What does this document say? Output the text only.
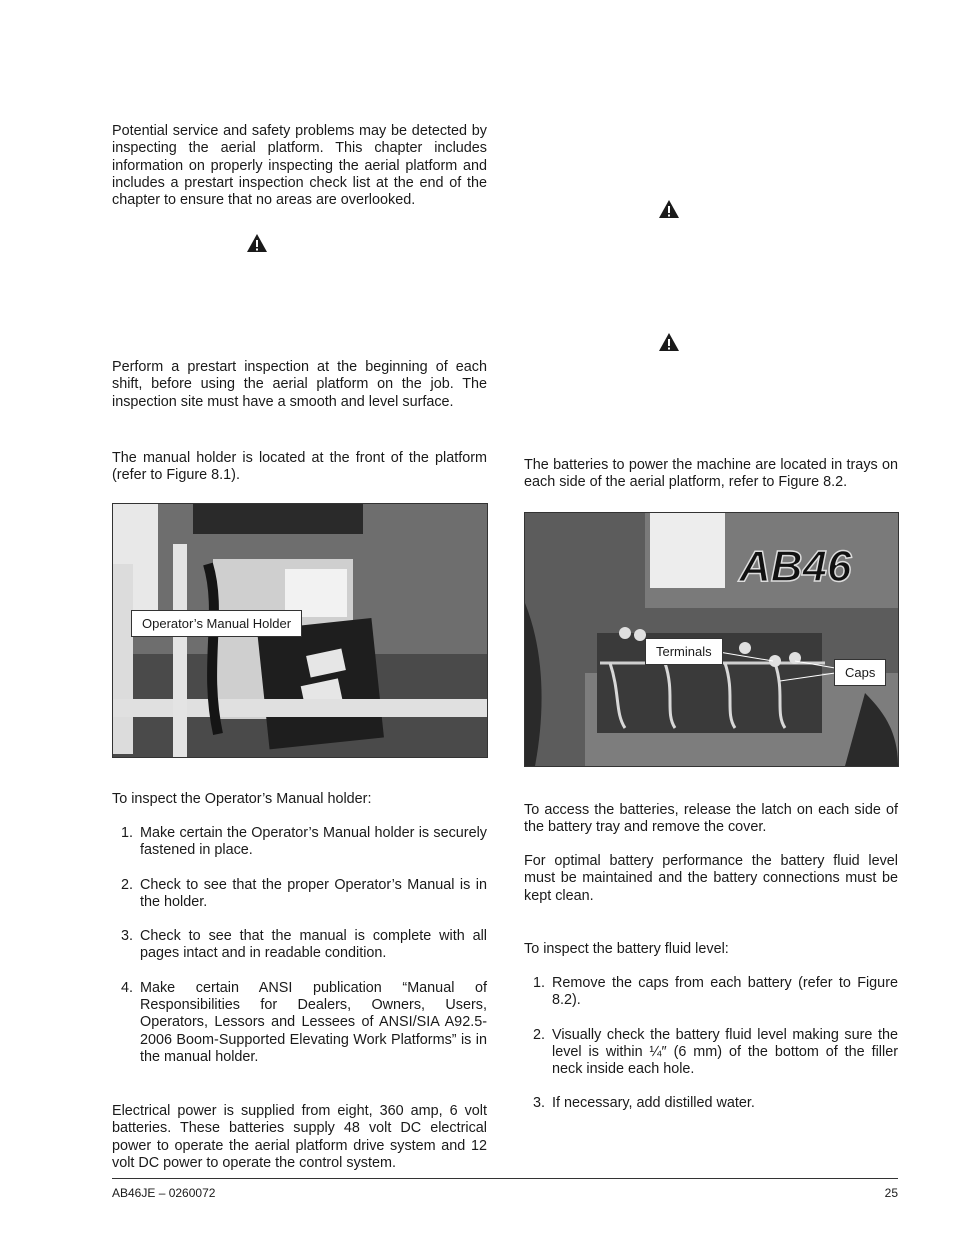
Potential service and safety problems may be detected by inspecting the aerial platform. This chapter includes information on properly inspecting the aerial platform and includes a prestart inspection check list at the end of the chapter to ensure that no areas are overlooked.

Perform a prestart inspection at the beginning of each shift, before using the aerial platform on the job. The inspection site must have a smooth and level surface.

The manual holder is located at the front of the platform (refer to Figure 8.1).

Operator’s Manual Holder

To inspect the Operator’s Manual holder:

1. Make certain the Operator’s Manual holder is securely fastened in place.
2. Check to see that the proper Operator’s Manual is in the holder.
3. Check to see that the manual is complete with all pages intact and in readable condition.
4. Make certain ANSI publication “Manual of Responsibilities for Dealers, Owners, Users, Operators, Lessors and Lessees of ANSI/SIA A92.5-2006 Boom-Supported Elevating Work Platforms” is in the manual holder.

Electrical power is supplied from eight, 360 amp, 6 volt batteries. These batteries supply 48 volt DC electrical power to operate the aerial platform drive system and 12 volt DC power to operate the control system.

The batteries to power the machine are located in trays on each side of the aerial platform, refer to Figure 8.2.

AB46
Terminals
Caps

To access the batteries, release the latch on each side of the battery tray and remove the cover.

For optimal battery performance the battery fluid level must be maintained and the battery connections must be kept clean.

To inspect the battery fluid level:

1. Remove the caps from each battery (refer to Figure 8.2).
2. Visually check the battery fluid level making sure the level is within ¼″ (6 mm) of the bottom of the filler neck inside each hole.
3. If necessary, add distilled water.
AB46JE – 0260072	25
